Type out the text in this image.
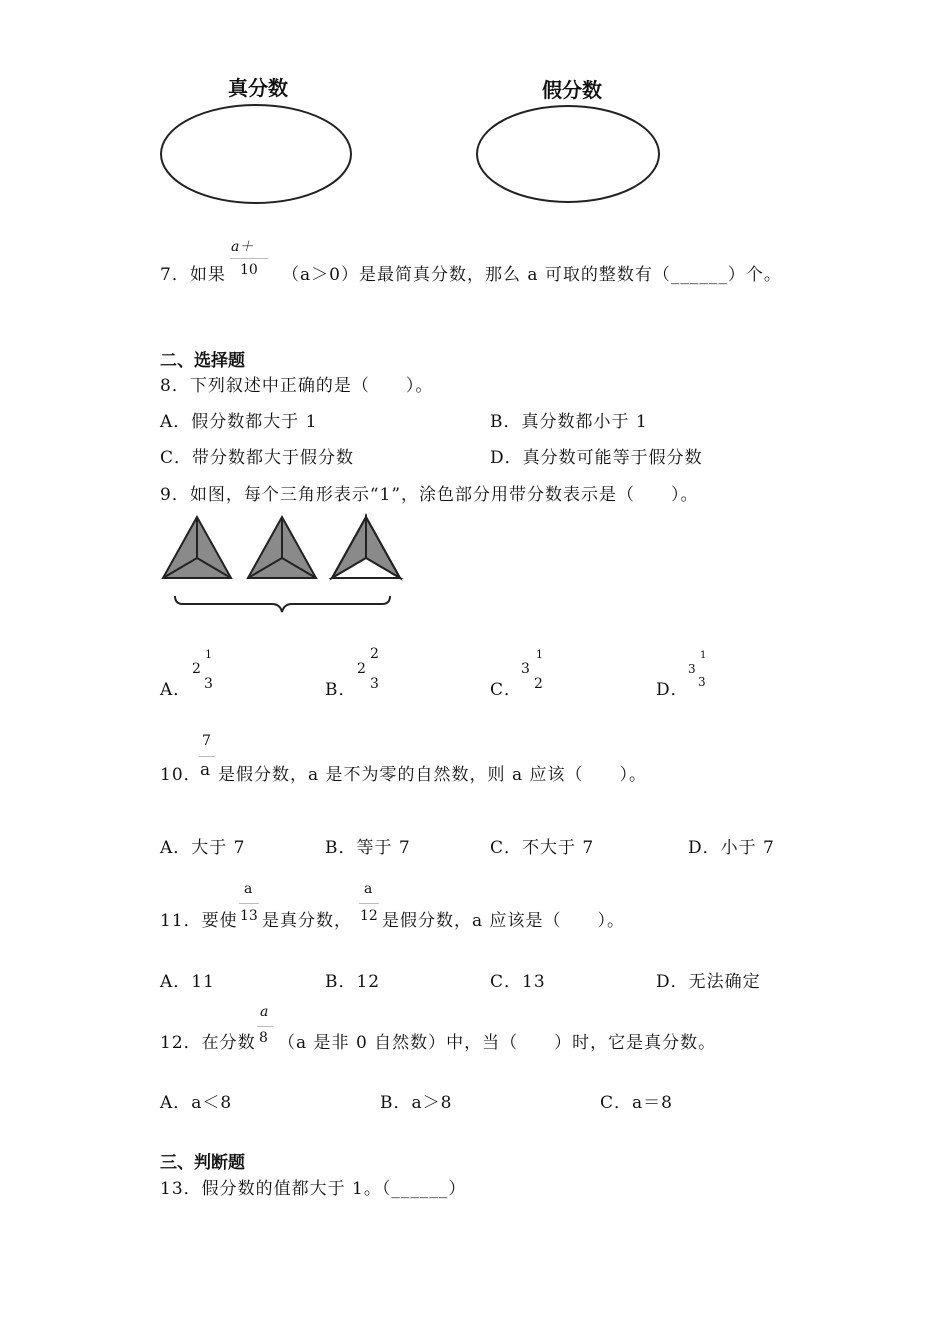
真分数	假分数
a＋
7．如果 10 （a＞0）是最简真分数，那么 a 可取的整数有（______）个。
二、选择题
8．下列叙述中正确的是（　　）。
A．假分数都大于 1	B．真分数都小于 1
C．带分数都大于假分数	D．真分数可能等于假分数
9．如图，每个三角形表示“1”，涂色部分用带分数表示是（　　）。
A．
2
1
3	B．
2
2
3	C．
3
1
2	D．
3
1
3
7
10．
a 是假分数，a 是不为零的自然数，则 a 应该（　　）。
A．大于 7	B．等于 7	C．不大于 7	D．小于 7
a	a
11．要使 13 是真分数， 12 是假分数，a 应该是（　　）。
A．11	B．12	C．13	D．无法确定
a
12．在分数 8 （a 是非 0 自然数）中，当（　　）时，它是真分数。
A．a＜8	B．a＞8	C．a＝8
三、判断题
13．假分数的值都大于 1。（______）
